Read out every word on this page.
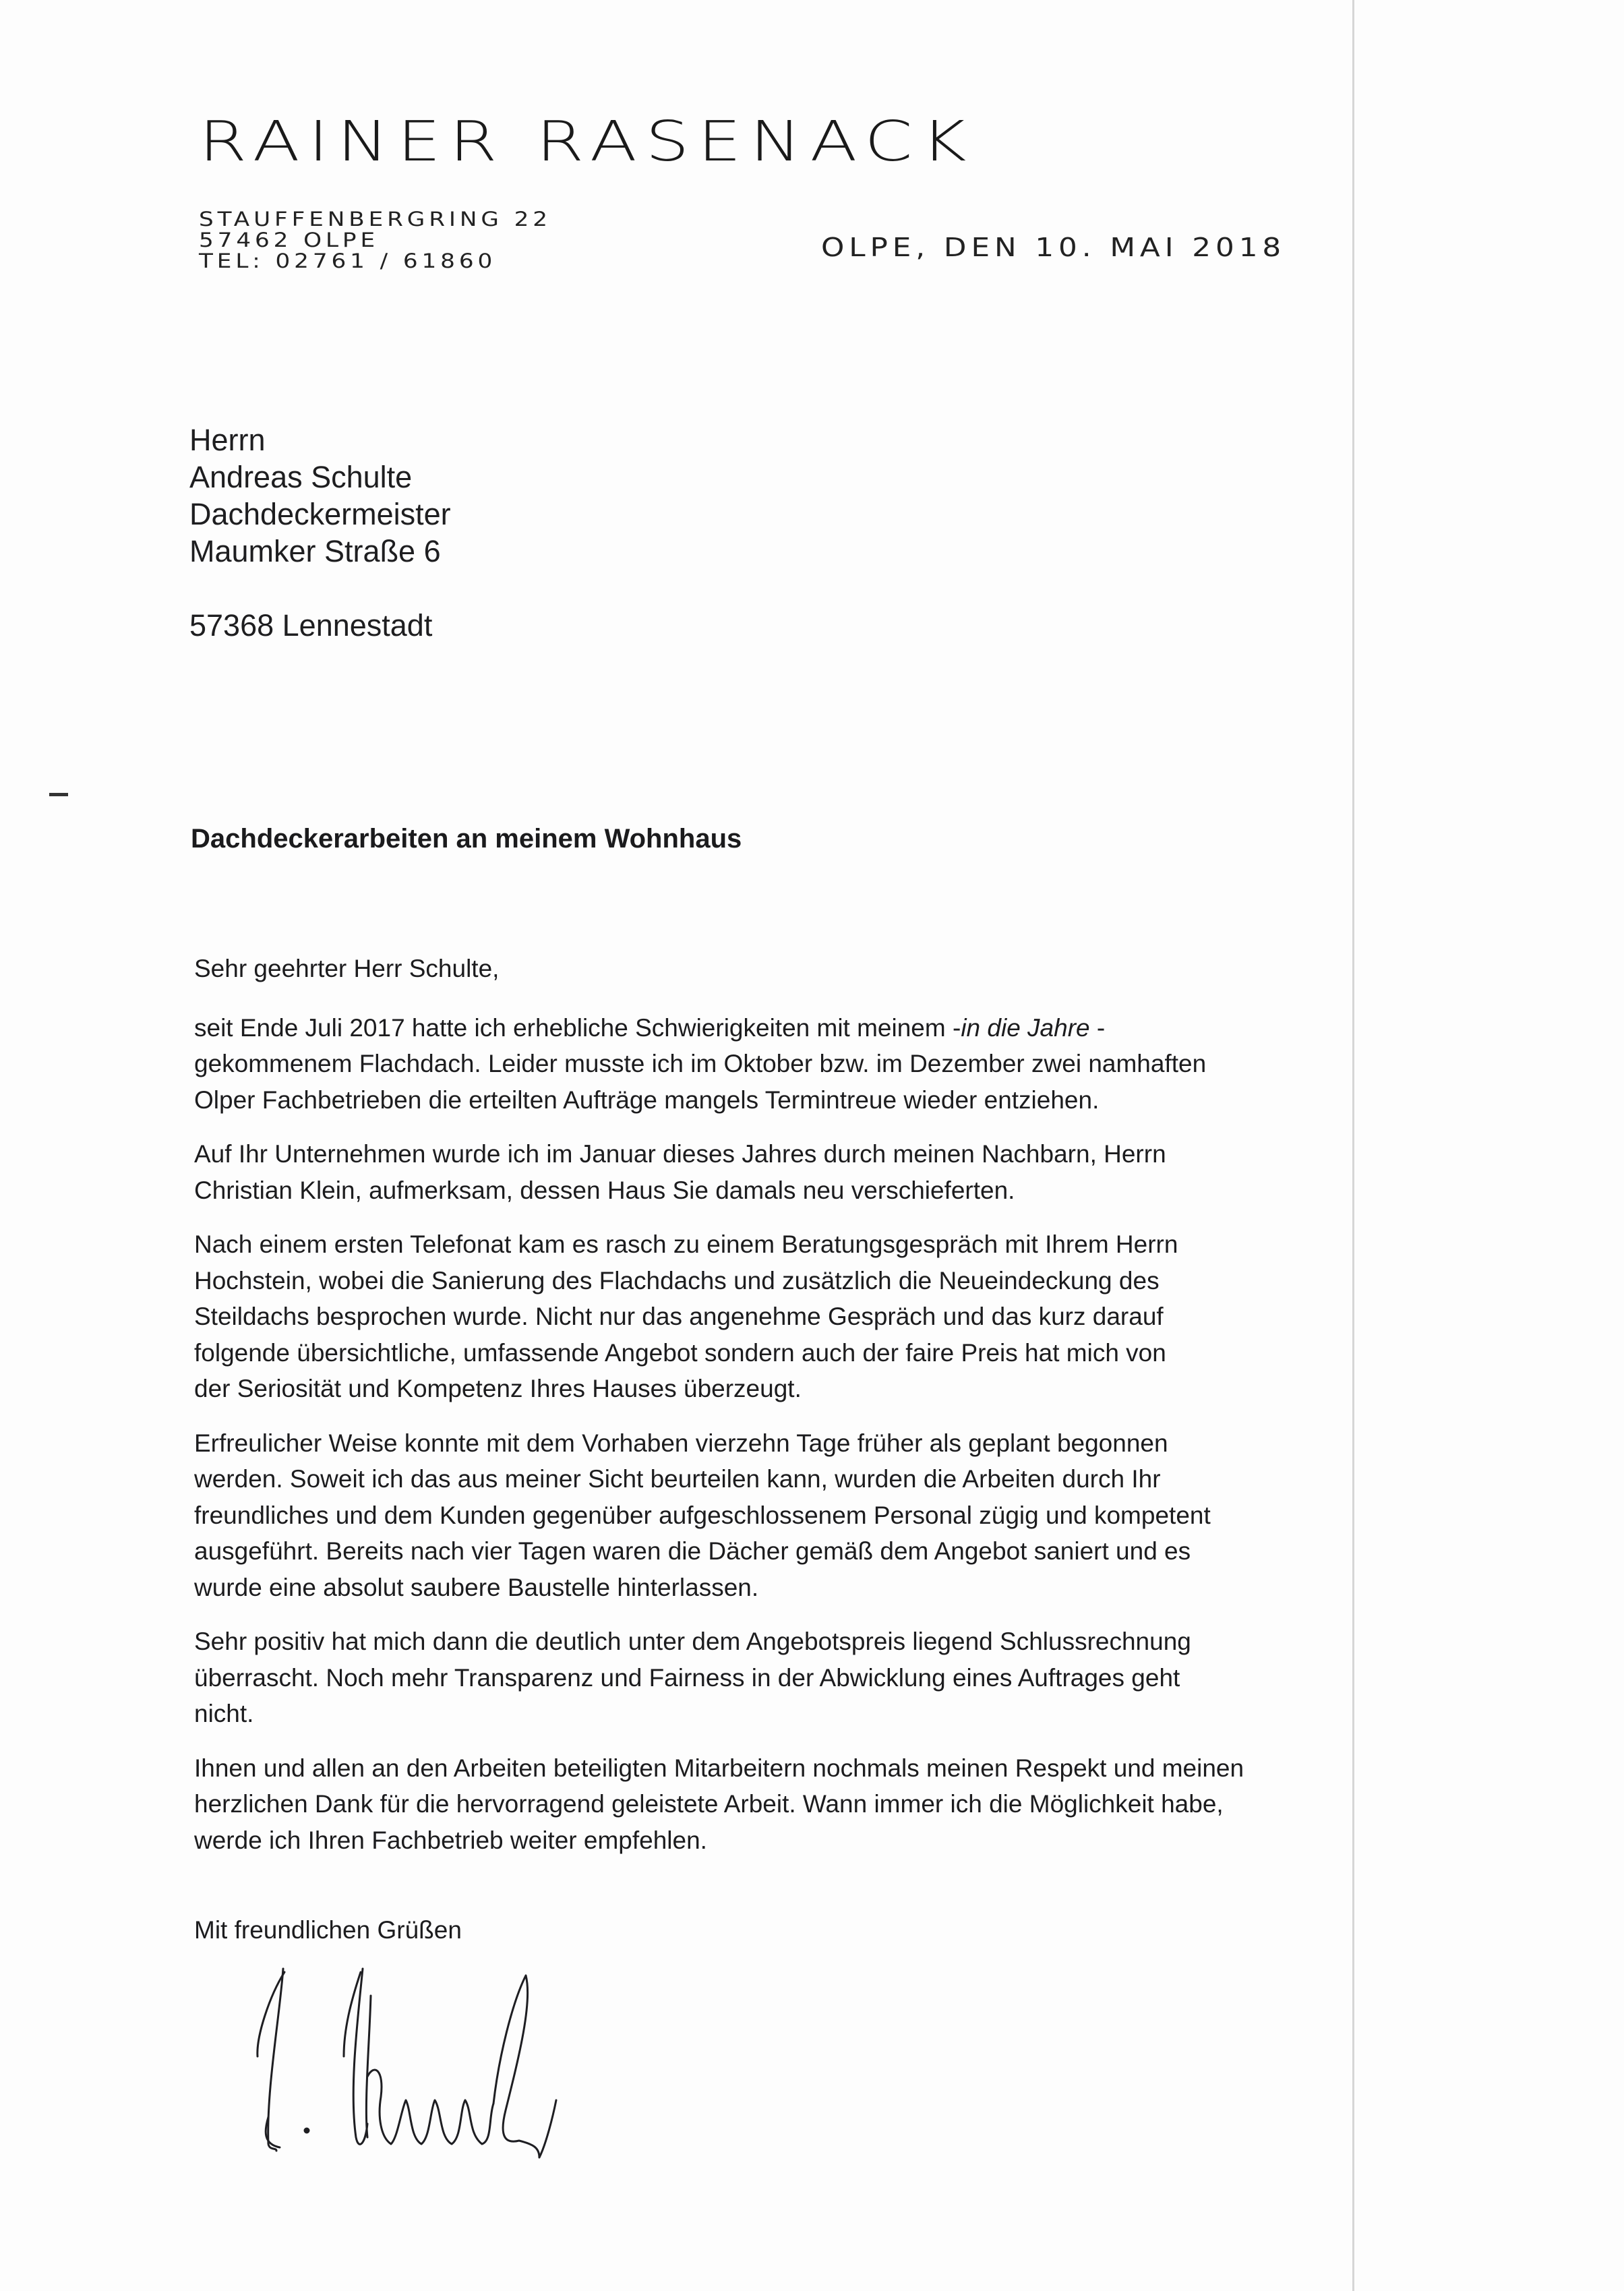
RAINER RASENACK
STAUFFENBERGRING 22
57462 OLPE
TEL: 02761 / 61860	OLPE, DEN 10. MAI 2018
Herrn
Andreas Schulte
Dachdeckermeister
Maumker Straße 6
57368 Lennestadt
Dachdeckerarbeiten an meinem Wohnhaus

Sehr geehrter Herr Schulte,

seit Ende Juli 2017 hatte ich erhebliche Schwierigkeiten mit meinem -in die Jahre -
gekommenem Flachdach. Leider musste ich im Oktober bzw. im Dezember zwei namhaften
Olper Fachbetrieben die erteilten Aufträge mangels Termintreue wieder entziehen.

Auf Ihr Unternehmen wurde ich im Januar dieses Jahres durch meinen Nachbarn, Herrn
Christian Klein, aufmerksam, dessen Haus Sie damals neu verschieferten.

Nach einem ersten Telefonat kam es rasch zu einem Beratungsgespräch mit Ihrem Herrn
Hochstein, wobei die Sanierung des Flachdachs und zusätzlich die Neueindeckung des
Steildachs besprochen wurde. Nicht nur das angenehme Gespräch und das kurz darauf
folgende übersichtliche, umfassende Angebot sondern auch der faire Preis hat mich von
der Seriosität und Kompetenz Ihres Hauses überzeugt.

Erfreulicher Weise konnte mit dem Vorhaben vierzehn Tage früher als geplant begonnen
werden. Soweit ich das aus meiner Sicht beurteilen kann, wurden die Arbeiten durch Ihr
freundliches und dem Kunden gegenüber aufgeschlossenem Personal zügig und kompetent
ausgeführt. Bereits nach vier Tagen waren die Dächer gemäß dem Angebot saniert und es
wurde eine absolut saubere Baustelle hinterlassen.

Sehr positiv hat mich dann die deutlich unter dem Angebotspreis liegend Schlussrechnung
überrascht. Noch mehr Transparenz und Fairness in der Abwicklung eines Auftrages geht
nicht.

Ihnen und allen an den Arbeiten beteiligten Mitarbeitern nochmals meinen Respekt und meinen
herzlichen Dank für die hervorragend geleistete Arbeit. Wann immer ich die Möglichkeit habe,
werde ich Ihren Fachbetrieb weiter empfehlen.

Mit freundlichen Grüßen
